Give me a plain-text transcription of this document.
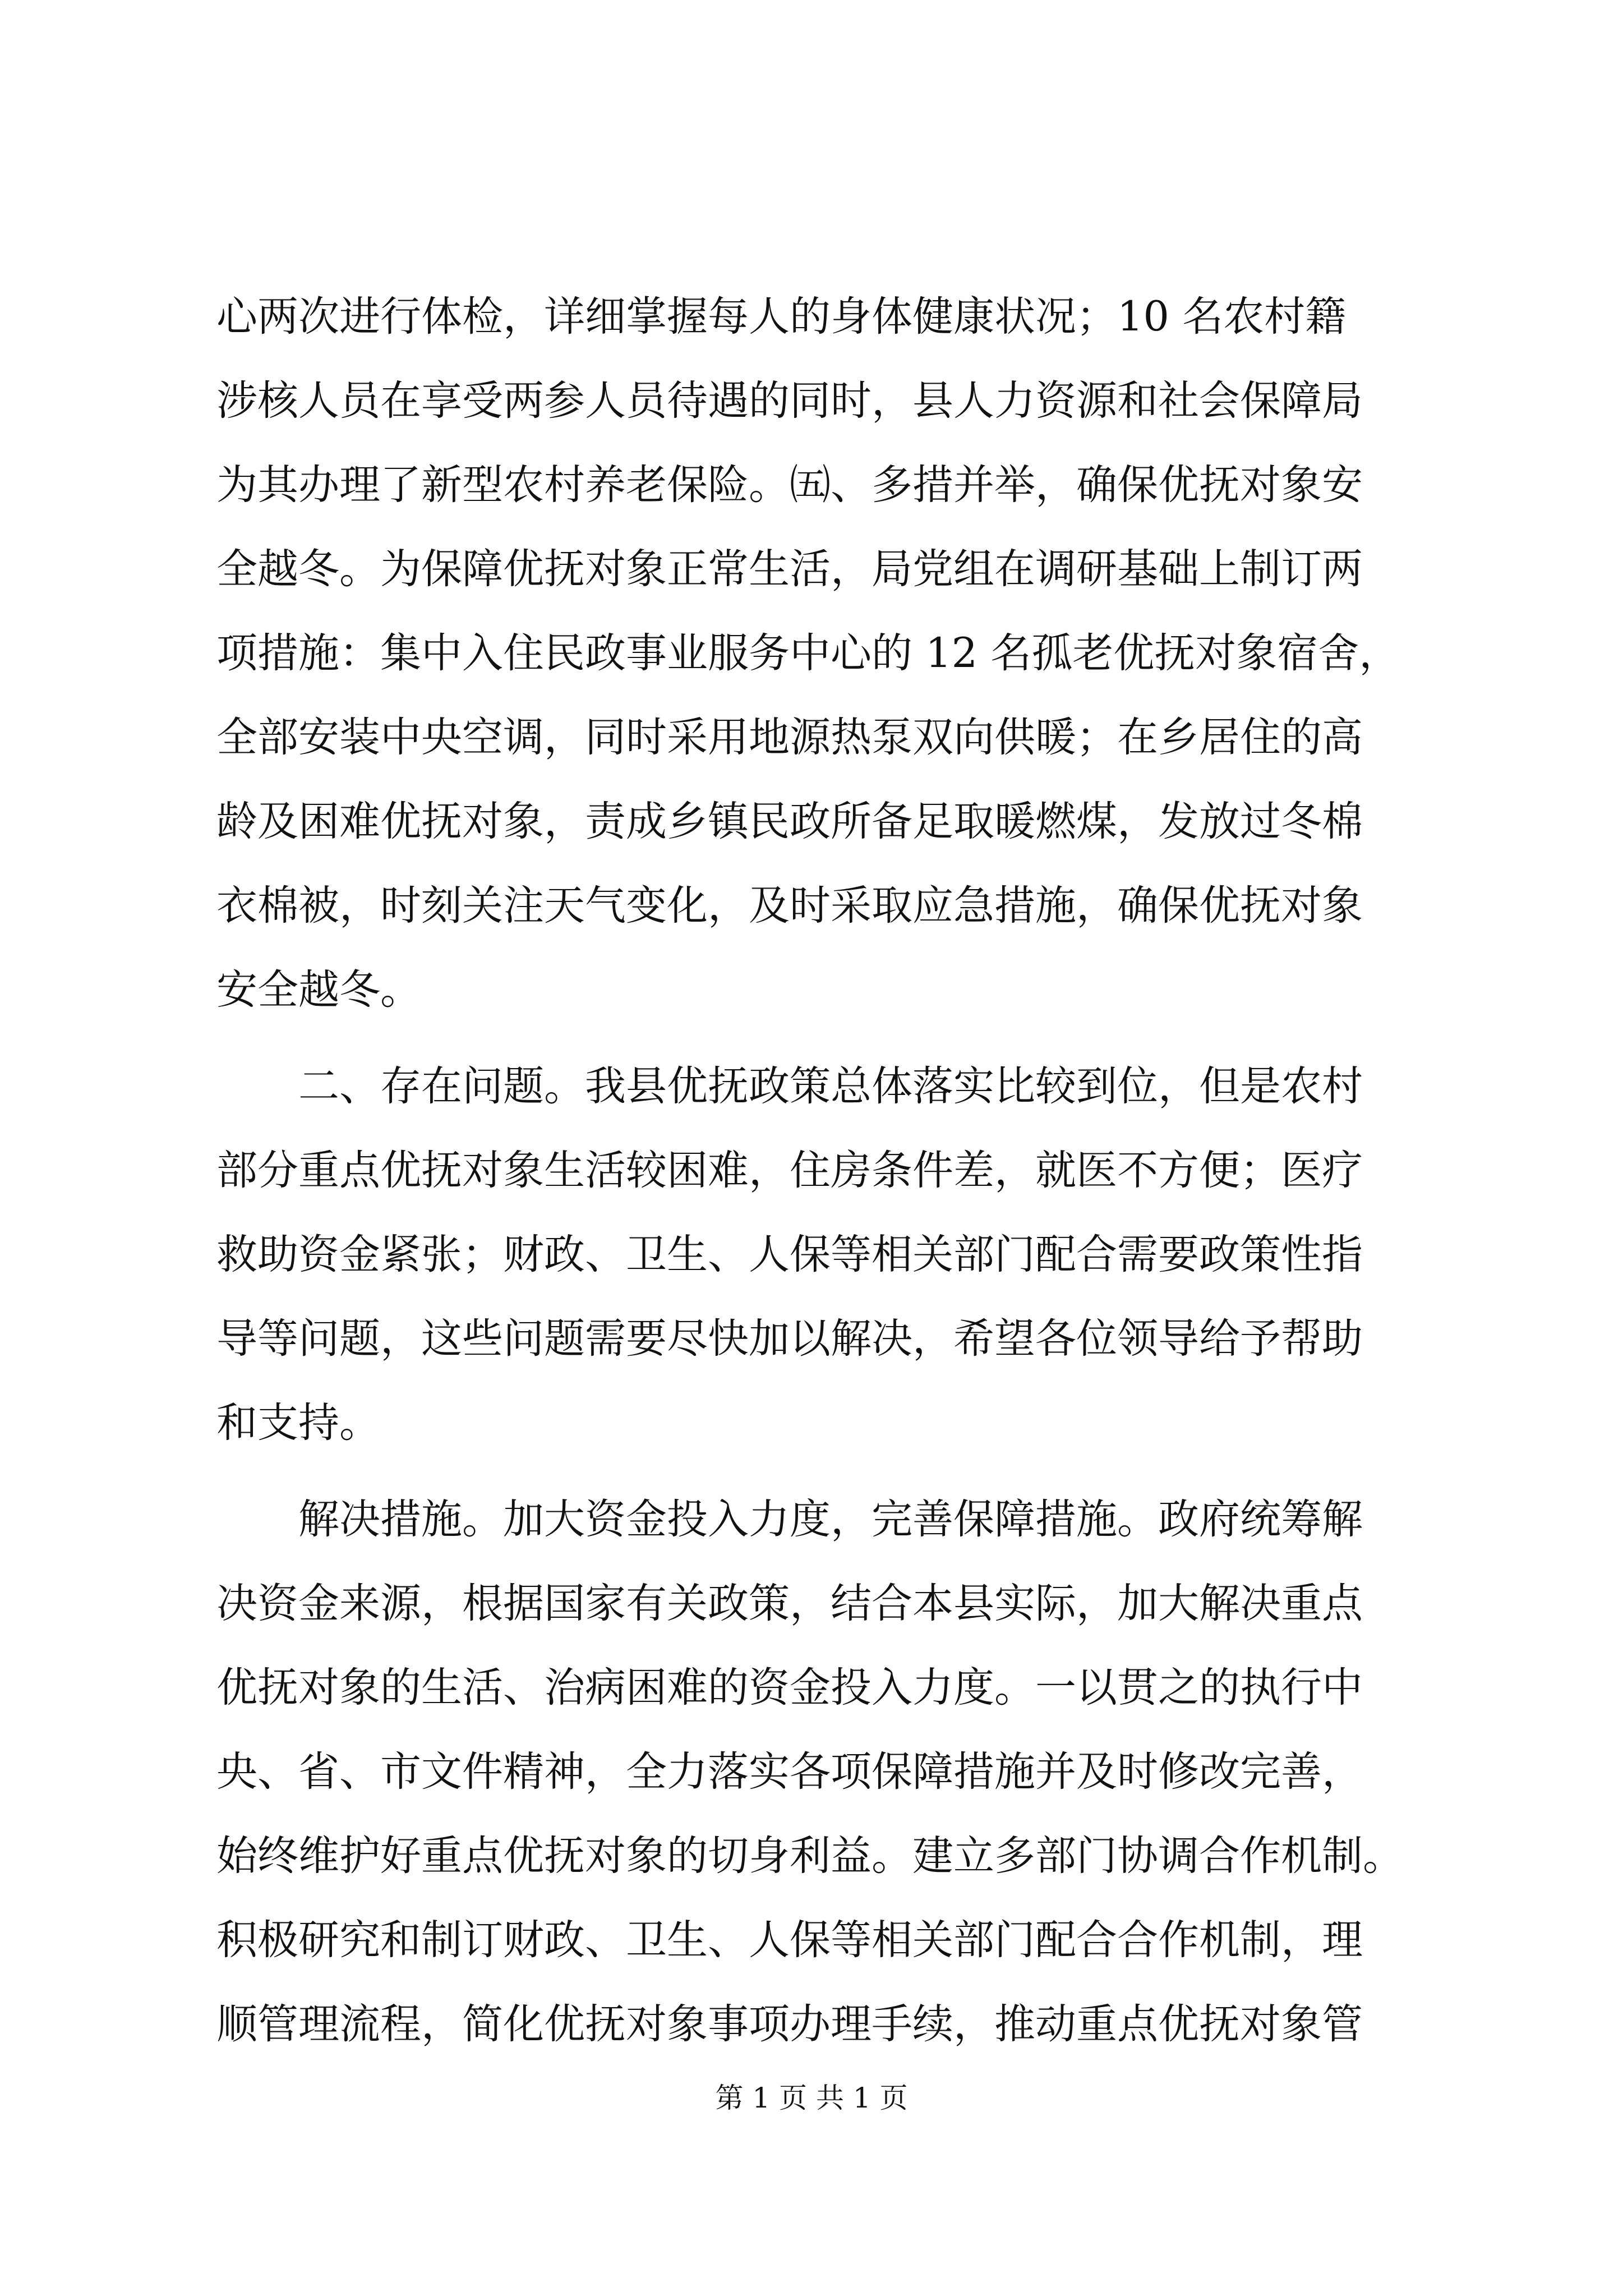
心两次进行体检，详细掌握每人的身体健康状况；10 名农村籍
涉核人员在享受两参人员待遇的同时，县人力资源和社会保障局
为其办理了新型农村养老保险。㈤、多措并举，确保优抚对象安
全越冬。为保障优抚对象正常生活，局党组在调研基础上制订两
项措施：集中入住民政事业服务中心的 12 名孤老优抚对象宿舍，
全部安装中央空调，同时采用地源热泵双向供暖；在乡居住的高
龄及困难优抚对象，责成乡镇民政所备足取暖燃煤，发放过冬棉
衣棉被，时刻关注天气变化，及时采取应急措施，确保优抚对象
安全越冬。
二、存在问题。我县优抚政策总体落实比较到位，但是农村
部分重点优抚对象生活较困难，住房条件差，就医不方便；医疗
救助资金紧张；财政、卫生、人保等相关部门配合需要政策性指
导等问题，这些问题需要尽快加以解决，希望各位领导给予帮助
和支持。
解决措施。加大资金投入力度，完善保障措施。政府统筹解
决资金来源，根据国家有关政策，结合本县实际，加大解决重点
优抚对象的生活、治病困难的资金投入力度。一以贯之的执行中
央、省、市文件精神，全力落实各项保障措施并及时修改完善，
始终维护好重点优抚对象的切身利益。建立多部门协调合作机制。
积极研究和制订财政、卫生、人保等相关部门配合合作机制，理
顺管理流程，简化优抚对象事项办理手续，推动重点优抚对象管
第 1 页 共 1 页
